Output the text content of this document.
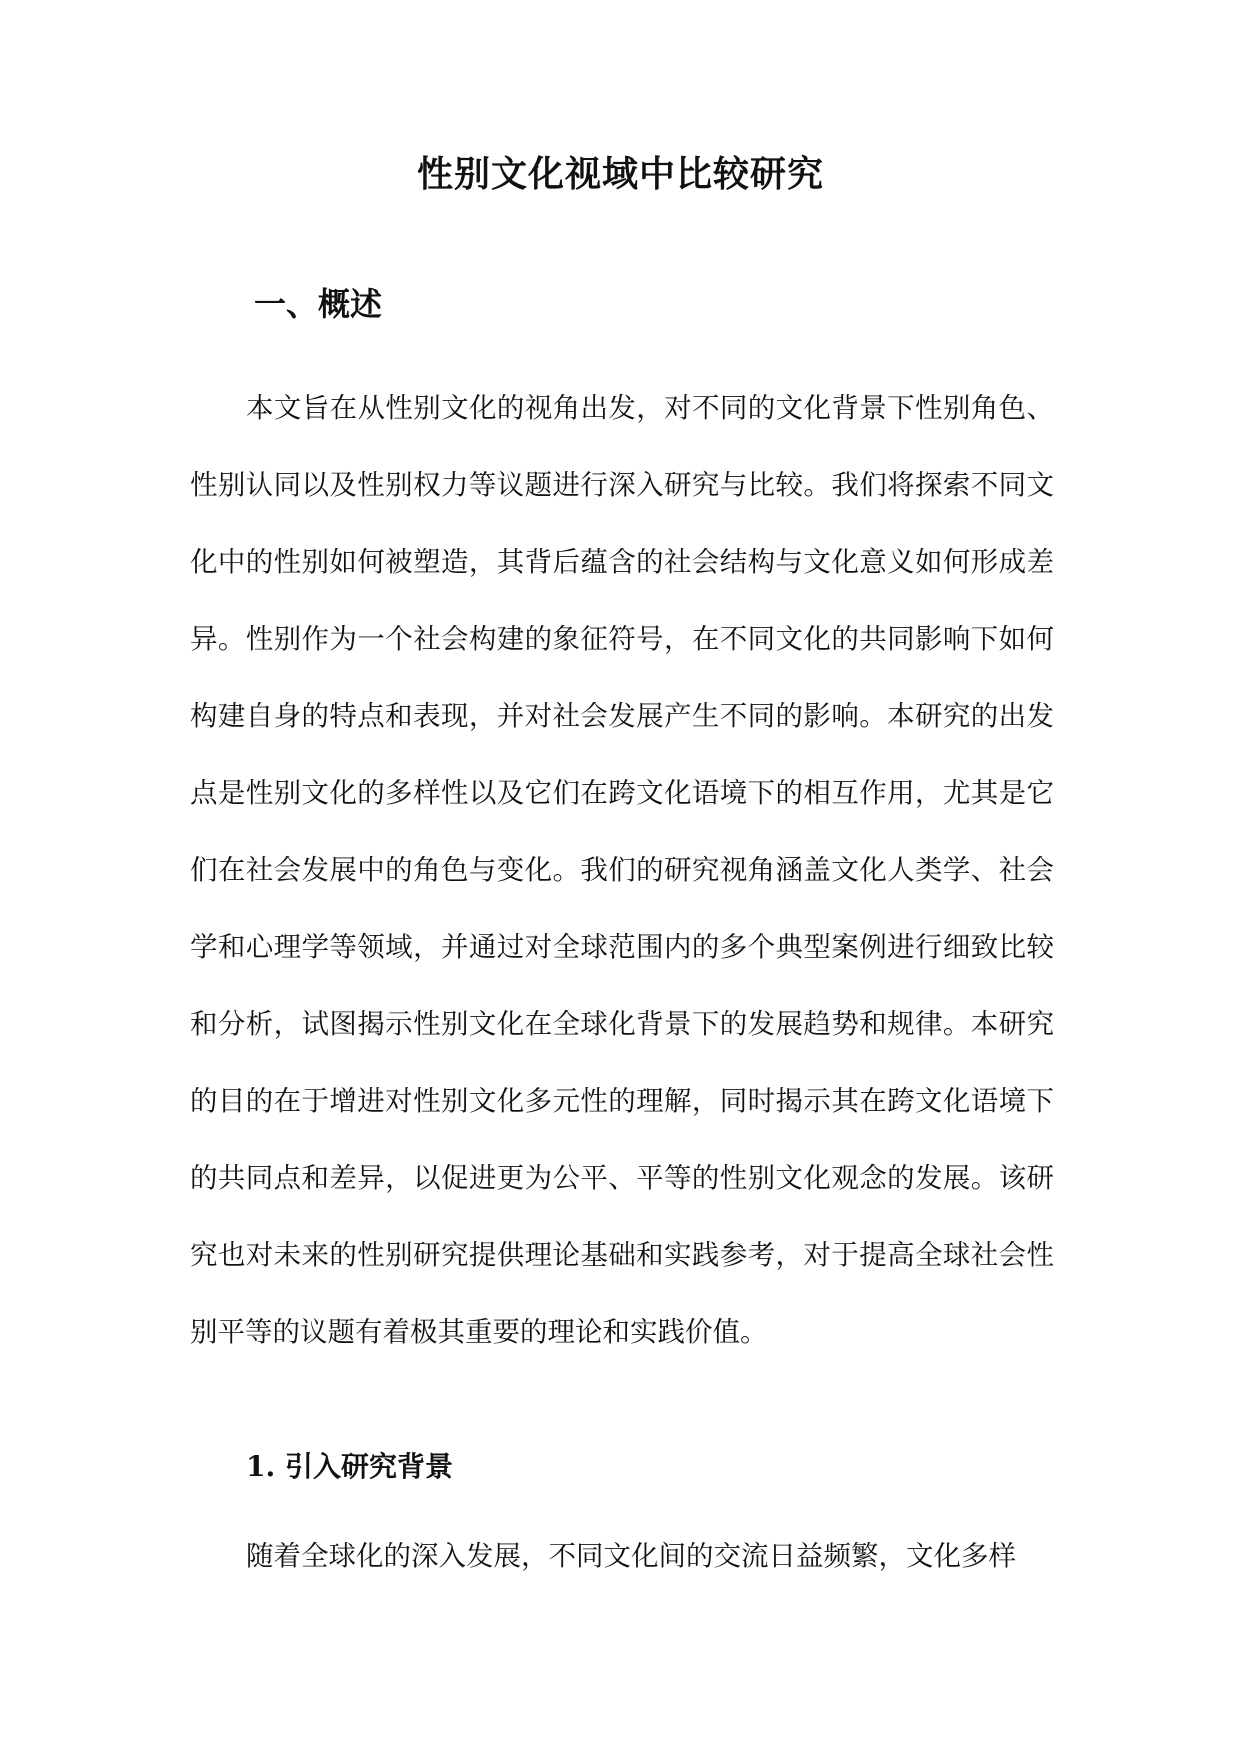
性别文化视域中比较研究
一、概述

本文旨在从性别文化的视角出发，对不同的文化背景下性别角色、性别认同以及性别权力等议题进行深入研究与比较。我们将探索不同文化中的性别如何被塑造，其背后蕴含的社会结构与文化意义如何形成差异。性别作为一个社会构建的象征符号，在不同文化的共同影响下如何构建自身的特点和表现，并对社会发展产生不同的影响。本研究的出发点是性别文化的多样性以及它们在跨文化语境下的相互作用，尤其是它们在社会发展中的角色与变化。我们的研究视角涵盖文化人类学、社会学和心理学等领域，并通过对全球范围内的多个典型案例进行细致比较和分析，试图揭示性别文化在全球化背景下的发展趋势和规律。本研究的目的在于增进对性别文化多元性的理解，同时揭示其在跨文化语境下的共同点和差异，以促进更为公平、平等的性别文化观念的发展。该研究也对未来的性别研究提供理论基础和实践参考，对于提高全球社会性别平等的议题有着极其重要的理论和实践价值。

1. 引入研究背景

随着全球化的深入发展，不同文化间的交流日益频繁，文化多样
